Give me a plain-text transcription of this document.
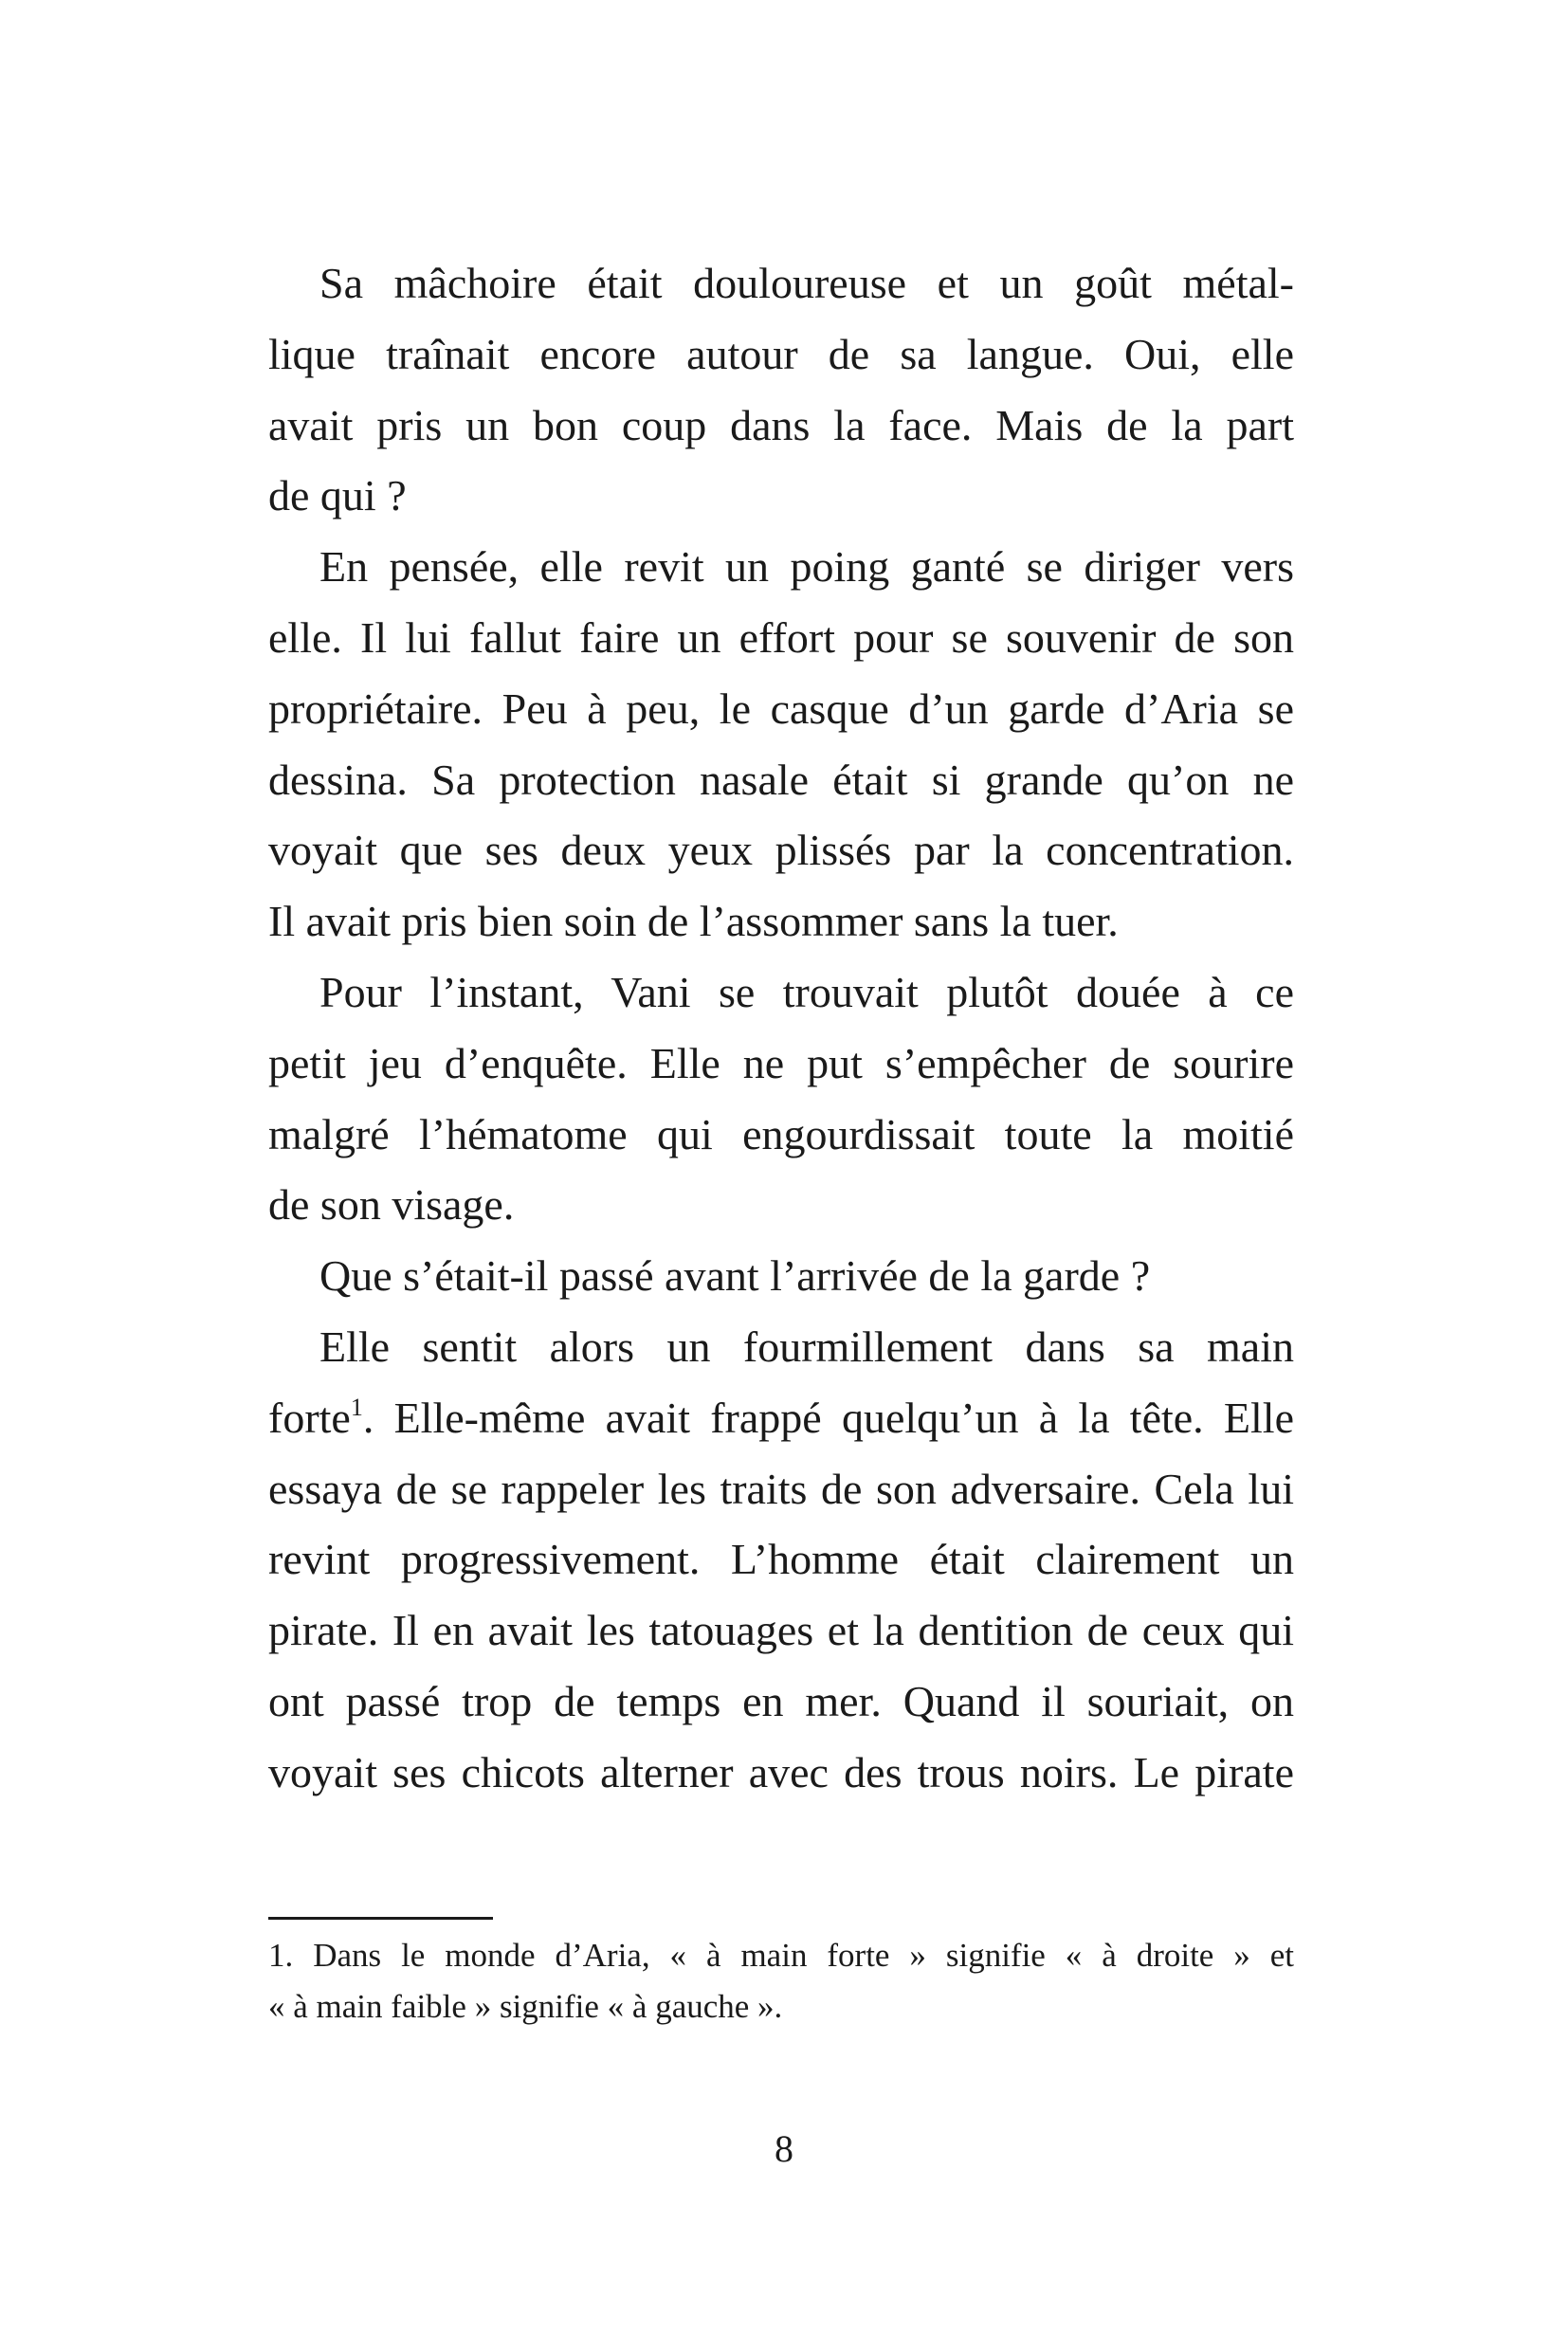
Sa mâchoire était douloureuse et un goût métal-
lique traînait encore autour de sa langue. Oui, elle
avait pris un bon coup dans la face. Mais de la part
de qui ?
En pensée, elle revit un poing ganté se diriger vers
elle. Il lui fallut faire un effort pour se souvenir de son
propriétaire. Peu à peu, le casque d’un garde d’Aria se
dessina. Sa protection nasale était si grande qu’on ne
voyait que ses deux yeux plissés par la concentration.
Il avait pris bien soin de l’assommer sans la tuer.
Pour l’instant, Vani se trouvait plutôt douée à ce
petit jeu d’enquête. Elle ne put s’empêcher de sourire
malgré l’hématome qui engourdissait toute la moitié
de son visage.
Que s’était-il passé avant l’arrivée de la garde ?
Elle sentit alors un fourmillement dans sa main
forte$^1$. Elle-même avait frappé quelqu’un à la tête. Elle
essaya de se rappeler les traits de son adversaire. Cela lui
revint progressivement. L’homme était clairement un
pirate. Il en avait les tatouages et la dentition de ceux qui
ont passé trop de temps en mer. Quand il souriait, on
voyait ses chicots alterner avec des trous noirs. Le pirate
1. Dans le monde d’Aria, « à main forte » signifie « à droite » et
« à main faible » signifie « à gauche ».
8
